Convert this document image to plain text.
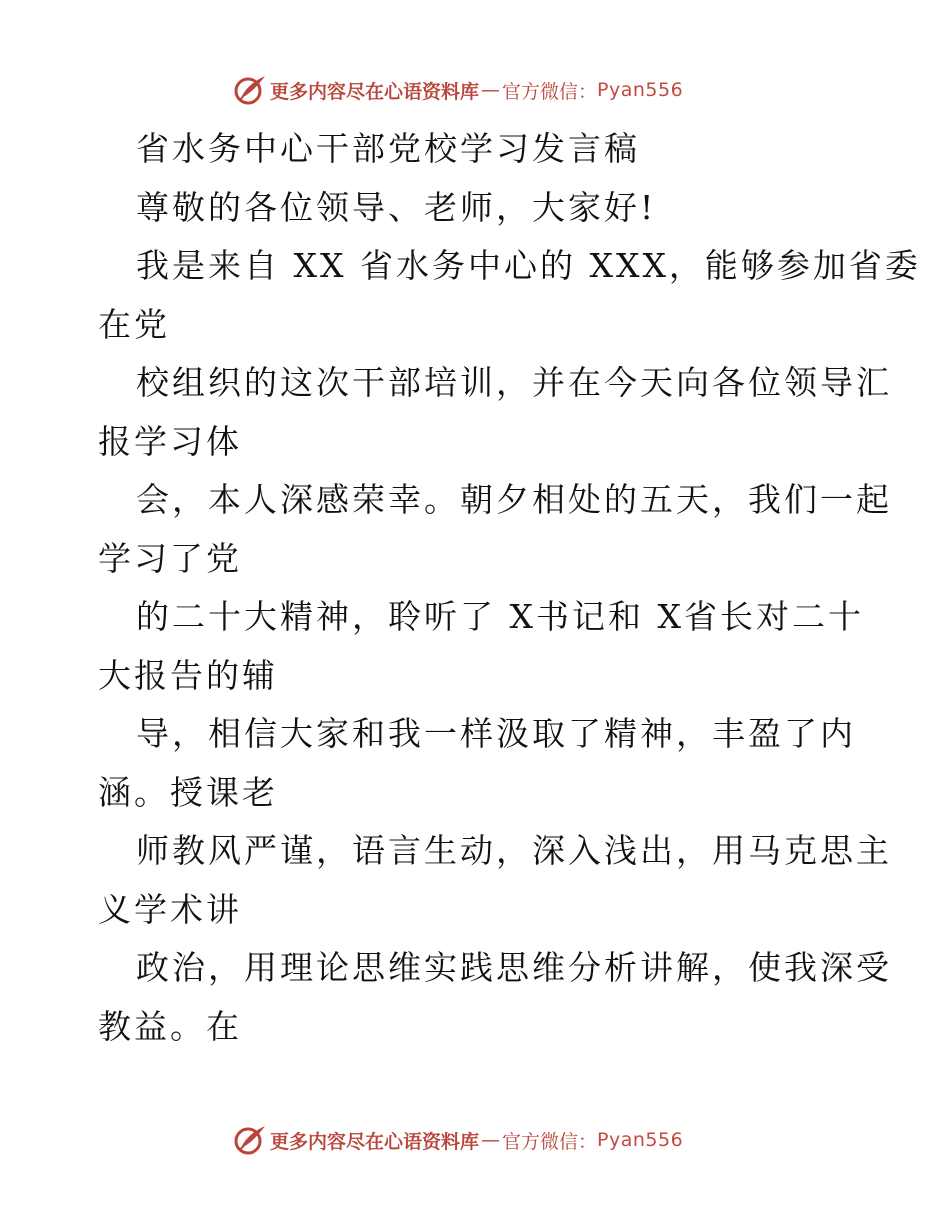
更多内容尽在心语资料库 — 官方微信： Pyan556
省水务中心干部党校学习发言稿
尊敬的各位领导、老师，大家好!
我是来自 XX 省水务中心的 XXX，能够参加省委
在党
校组织的这次干部培训，并在今天向各位领导汇
报学习体
会，本人深感荣幸。朝夕相处的五天，我们一起
学习了党
的二十大精神，聆听了 X书记和 X省长对二十
大报告的辅
导，相信大家和我一样汲取了精神，丰盈了内
涵。授课老
师教风严谨，语言生动，深入浅出，用马克思主
义学术讲
政治，用理论思维实践思维分析讲解，使我深受
教益。在
更多内容尽在心语资料库 — 官方微信： Pyan556
